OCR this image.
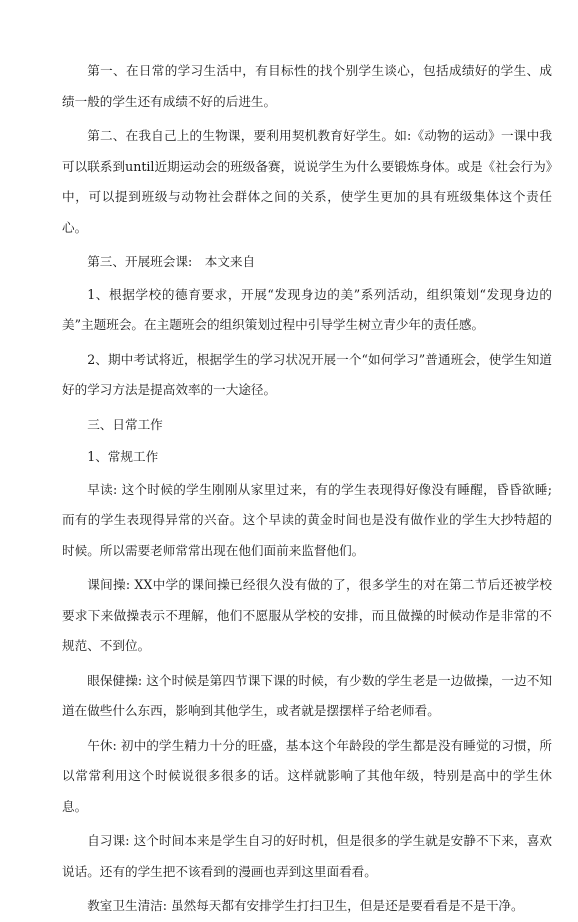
第一、在日常的学习生活中，有目标性的找个别学生谈心，包括成绩好的学生、成绩一般的学生还有成绩不好的后进生。

第二、在我自己上的生物课，要利用契机教育好学生。如:《动物的运动》一课中我可以联系到until近期运动会的班级备赛，说说学生为什么要锻炼身体。或是《社会行为》中，可以提到班级与动物社会群体之间的关系，使学生更加的具有班级集体这个责任心。

第三、开展班会课:　本文来自

1、根据学校的德育要求，开展“发现身边的美”系列活动，组织策划“发现身边的美”主题班会。在主题班会的组织策划过程中引导学生树立青少年的责任感。

2、期中考试将近，根据学生的学习状况开展一个“如何学习”普通班会，使学生知道好的学习方法是提高效率的一大途径。

三、日常工作

1、常规工作

早读: 这个时候的学生刚刚从家里过来，有的学生表现得好像没有睡醒，昏昏欲睡;而有的学生表现得异常的兴奋。这个早读的黄金时间也是没有做作业的学生大抄特超的时候。所以需要老师常常出现在他们面前来监督他们。

课间操: XX中学的课间操已经很久没有做的了，很多学生的对在第二节后还被学校要求下来做操表示不理解，他们不愿服从学校的安排，而且做操的时候动作是非常的不规范、不到位。

眼保健操: 这个时候是第四节课下课的时候，有少数的学生老是一边做操，一边不知道在做些什么东西，影响到其他学生，或者就是摆摆样子给老师看。

午休: 初中的学生精力十分的旺盛，基本这个年龄段的学生都是没有睡觉的习惯，所以常常利用这个时候说很多很多的话。这样就影响了其他年级，特别是高中的学生休息。

自习课: 这个时间本来是学生自习的好时机，但是很多的学生就是安静不下来，喜欢说话。还有的学生把不该看到的漫画也弄到这里面看看。

教室卫生清洁: 虽然每天都有安排学生打扫卫生，但是还是要看看是不是干净。
